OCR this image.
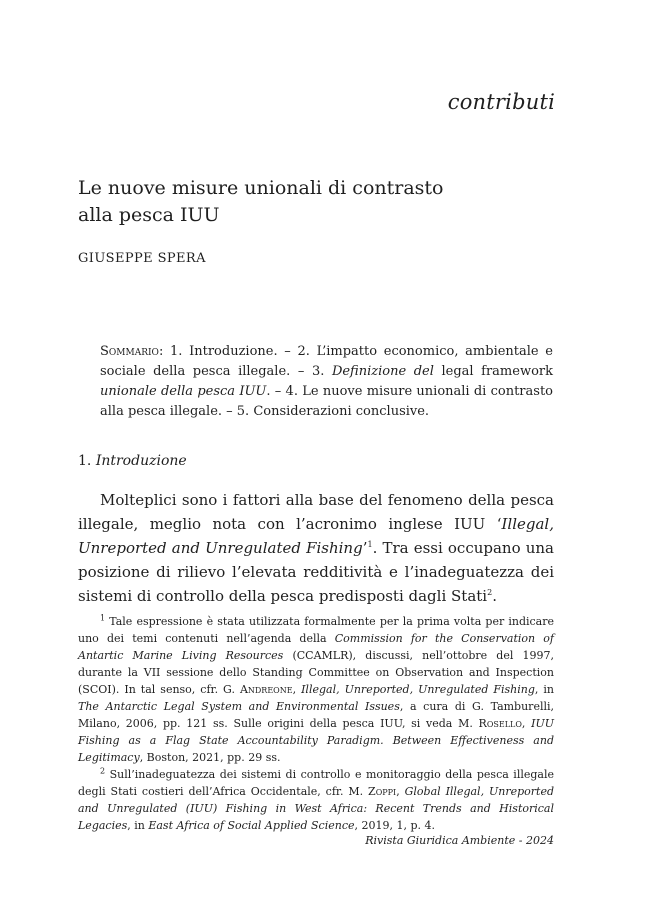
contributi
Le nuove misure unionali di contrasto
alla pesca IUU
GIUSEPPE SPERA
Sommario: 1. Introduzione. – 2. L’impatto economico, ambientale e sociale della pesca illegale. – 3. Definizione del legal framework unionale della pesca IUU. – 4. Le nuove misure unionali di contrasto alla pesca illegale. – 5. Considerazioni conclusive.
1. Introduzione
Molteplici sono i fattori alla base del fenomeno della pesca illegale, meglio nota con l’acronimo inglese IUU ‘Illegal, Unreported and Unregulated Fishing’$^1$. Tra essi occupano una posizione di rilievo l’elevata redditività e l’inadeguatezza dei sistemi di controllo della pesca predisposti dagli Stati$^2$.

$^1$ Tale espressione è stata utilizzata formalmente per la prima volta per indicare uno dei temi contenuti nell’agenda della Commission for the Conservation of Antartic Marine Living Resources (CCAMLR), discussi, nell’ottobre del 1997, durante la VII sessione dello Standing Committee on Observation and Inspection (SCOI). In tal senso, cfr. G. Andreone, Illegal, Unreported, Unregulated Fishing, in The Antarctic Legal System and Environmental Issues, a cura di G. Tamburelli, Milano, 2006, pp. 121 ss. Sulle origini della pesca IUU, si veda M. Rosello, IUU Fishing as a Flag State Accountability Paradigm. Between Effectiveness and Legitimacy, Boston, 2021, pp. 29 ss.

$^2$ Sull’inadeguatezza dei sistemi di controllo e monitoraggio della pesca illegale degli Stati costieri dell’Africa Occidentale, cfr. M. Zoppi, Global Illegal, Unreported and Unregulated (IUU) Fishing in West Africa: Recent Trends and Historical Legacies, in East Africa of Social Applied Science, 2019, 1, p. 4.

Rivista Giuridica Ambiente - 2024
